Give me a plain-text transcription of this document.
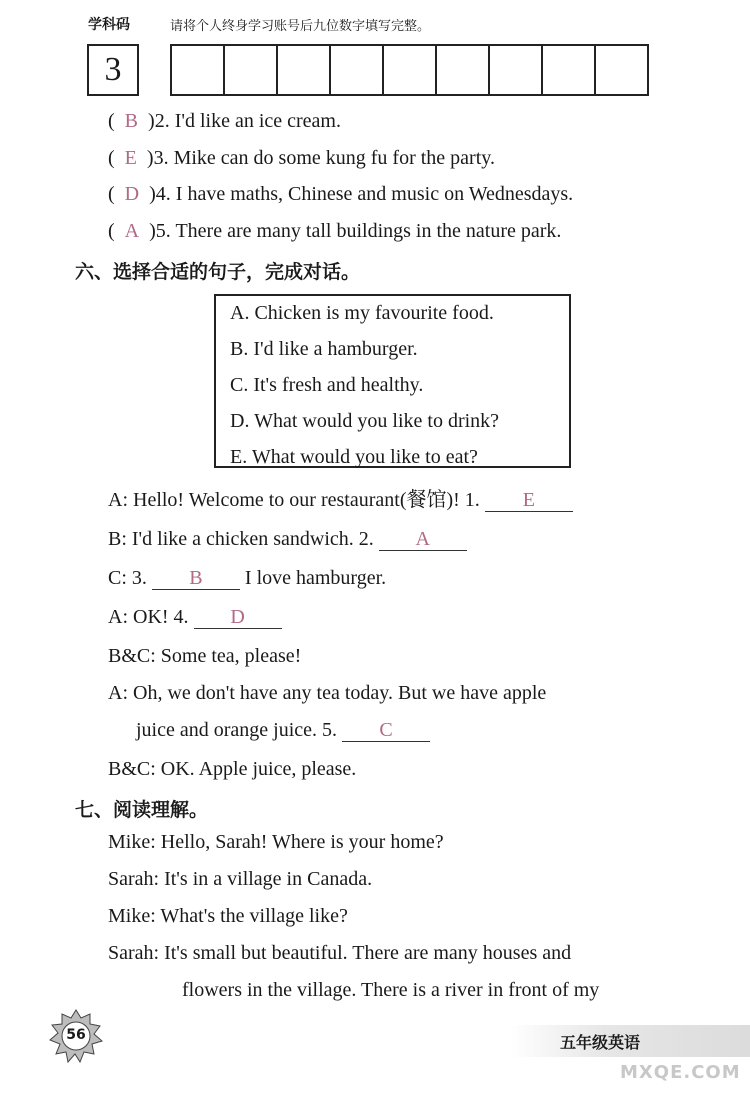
学科码	请将个人终身学习账号后九位数字填写完整。
3
(  B  )2. I'd like an ice cream.
(  E  )3. Mike can do some kung fu for the party.
(  D  )4. I have maths, Chinese and music on Wednesdays.
(  A  )5. There are many tall buildings in the nature park.
六、选择合适的句子，完成对话。
A. Chicken is my favourite food.
B. I'd like a hamburger.
C. It's fresh and healthy.
D. What would you like to drink?
E. What would you like to eat?
A: Hello! Welcome to our restaurant(餐馆)! 1. E
B: I'd like a chicken sandwich. 2. A
C: 3. B I love hamburger.
A: OK! 4. D
B&C: Some tea, please!
A: Oh, we don't have any tea today. But we have apple
juice and orange juice. 5. C
B&C: OK. Apple juice, please.
七、阅读理解。
Mike: Hello, Sarah! Where is your home?
Sarah: It's in a village in Canada.
Mike: What's the village like?
Sarah: It's small but beautiful. There are many houses and
flowers in the village. There is a river in front of my
56	五年级英语
MXQE.COM
